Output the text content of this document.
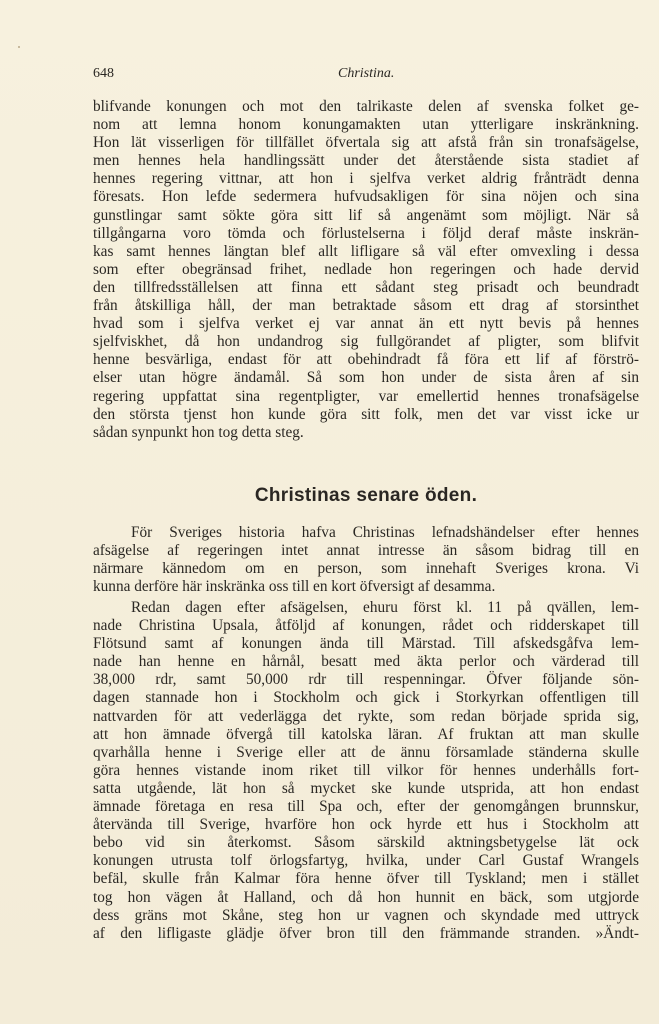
648	Christina.
blifvande konungen och mot den talrikaste delen af svenska folket ge-
nom att lemna honom konungamakten utan ytterligare inskränkning.
Hon lät visserligen för tillfället öfvertala sig att afstå från sin tronafsägelse,
men hennes hela handlingssätt under det återstående sista stadiet af
hennes regering vittnar, att hon i sjelfva verket aldrig frånträdt denna
föresats. Hon lefde sedermera hufvudsakligen för sina nöjen och sina
gunstlingar samt sökte göra sitt lif så angenämt som möjligt. När så
tillgångarna voro tömda och förlustelserna i följd deraf måste inskrän-
kas samt hennes längtan blef allt lifligare så väl efter omvexling i dessa
som efter obegränsad frihet, nedlade hon regeringen och hade dervid
den tillfredsställelsen att finna ett sådant steg prisadt och beundradt
från åtskilliga håll, der man betraktade såsom ett drag af storsinthet
hvad som i sjelfva verket ej var annat än ett nytt bevis på hennes
sjelfviskhet, då hon undandrog sig fullgörandet af pligter, som blifvit
henne besvärliga, endast för att obehindradt få föra ett lif af förströ-
elser utan högre ändamål. Så som hon under de sista åren af sin
regering uppfattat sina regentpligter, var emellertid hennes tronafsägelse
den största tjenst hon kunde göra sitt folk, men det var visst icke ur
sådan synpunkt hon tog detta steg.
Christinas senare öden.
För Sveriges historia hafva Christinas lefnadshändelser efter hennes
afsägelse af regeringen intet annat intresse än såsom bidrag till en
närmare kännedom om en person, som innehaft Sveriges krona. Vi
kunna derföre här inskränka oss till en kort öfversigt af desamma.
Redan dagen efter afsägelsen, ehuru först kl. 11 på qvällen, lem-
nade Christina Upsala, åtföljd af konungen, rådet och ridderskapet till
Flötsund samt af konungen ända till Märstad. Till afskedsgåfva lem-
nade han henne en hårnål, besatt med äkta perlor och värderad till
38,000 rdr, samt 50,000 rdr till respenningar. Öfver följande sön-
dagen stannade hon i Stockholm och gick i Storkyrkan offentligen till
nattvarden för att vederlägga det rykte, som redan började sprida sig,
att hon ämnade öfvergå till katolska läran. Af fruktan att man skulle
qvarhålla henne i Sverige eller att de ännu församlade ständerna skulle
göra hennes vistande inom riket till vilkor för hennes underhålls fort-
satta utgående, lät hon så mycket ske kunde utsprida, att hon endast
ämnade företaga en resa till Spa och, efter der genomgången brunnskur,
återvända till Sverige, hvarföre hon ock hyrde ett hus i Stockholm att
bebo vid sin återkomst. Såsom särskild aktningsbetygelse lät ock
konungen utrusta tolf örlogsfartyg, hvilka, under Carl Gustaf Wrangels
befäl, skulle från Kalmar föra henne öfver till Tyskland; men i stället
tog hon vägen åt Halland, och då hon hunnit en bäck, som utgjorde
dess gräns mot Skåne, steg hon ur vagnen och skyndade med uttryck
af den lifligaste glädje öfver bron till den främmande stranden. »Ändt-
